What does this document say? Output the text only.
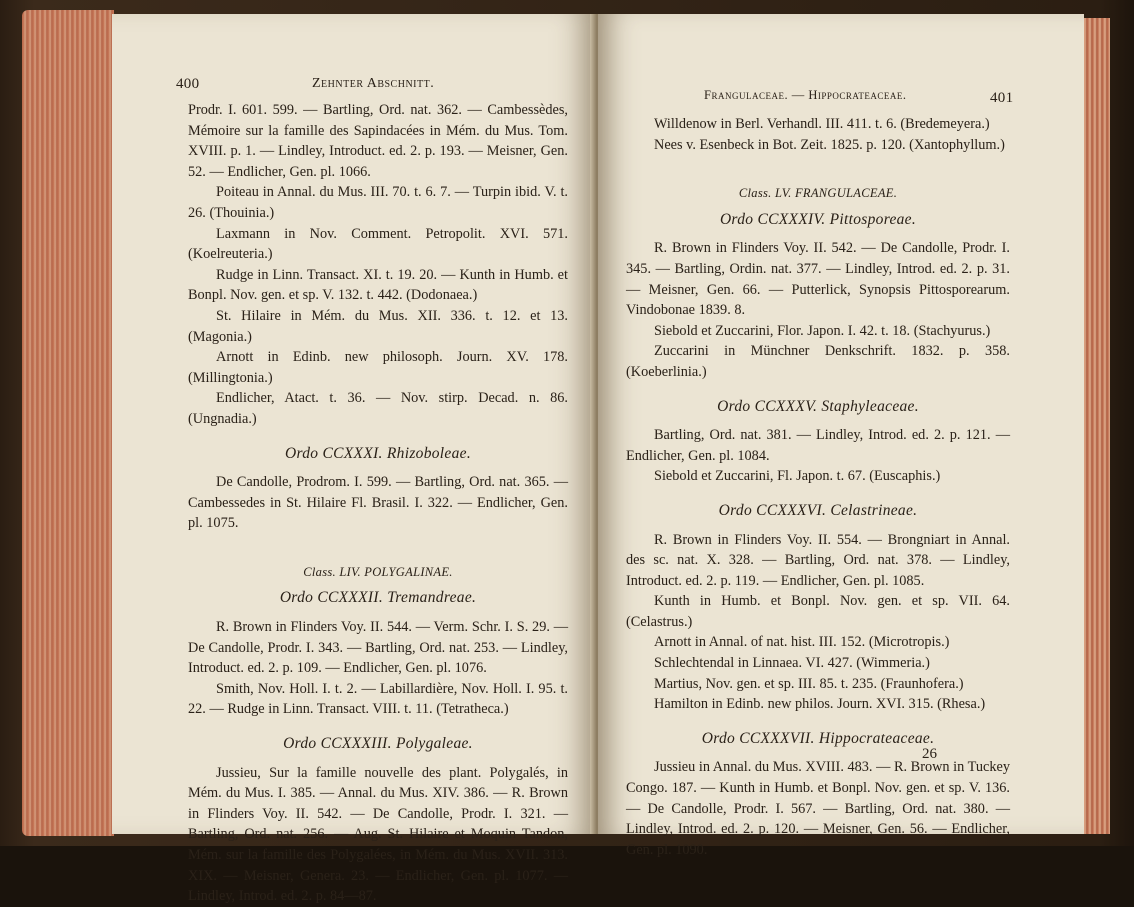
400	Zehnter Abschnitt.

Prodr. I. 601. 599. — Bartling, Ord. nat. 362. — Cambessèdes, Mémoire sur la famille des Sapindacées in Mém. du Mus. Tom. XVIII. p. 1. — Lindley, Introduct. ed. 2. p. 193. — Meisner, Gen. 52. — Endlicher, Gen. pl. 1066.

Poiteau in Annal. du Mus. III. 70. t. 6. 7. — Turpin ibid. V. t. 26. (Thouinia.)

Laxmann in Nov. Comment. Petropolit. XVI. 571. (Koelreuteria.)

Rudge in Linn. Transact. XI. t. 19. 20. — Kunth in Humb. et Bonpl. Nov. gen. et sp. V. 132. t. 442. (Dodonaea.)

St. Hilaire in Mém. du Mus. XII. 336. t. 12. et 13. (Magonia.)

Arnott in Edinb. new philosoph. Journ. XV. 178. (Millingtonia.)

Endlicher, Atact. t. 36. — Nov. stirp. Decad. n. 86. (Ungnadia.)

Ordo CCXXXI. Rhizoboleae.

De Candolle, Prodrom. I. 599. — Bartling, Ord. nat. 365. — Cambessedes in St. Hilaire Fl. Brasil. I. 322. — Endlicher, Gen. pl. 1075.

Class. LIV. POLYGALINAE.
Ordo CCXXXII. Tremandreae.

R. Brown in Flinders Voy. II. 544. — Verm. Schr. I. S. 29. — De Candolle, Prodr. I. 343. — Bartling, Ord. nat. 253. — Lindley, Introduct. ed. 2. p. 109. — Endlicher, Gen. pl. 1076.

Smith, Nov. Holl. I. t. 2. — Labillardière, Nov. Holl. I. 95. t. 22. — Rudge in Linn. Transact. VIII. t. 11. (Tetratheca.)

Ordo CCXXXIII. Polygaleae.

Jussieu, Sur la famille nouvelle des plant. Polygalés, in Mém. du Mus. I. 385. — Annal. du Mus. XIV. 386. — R. Brown in Flinders Voy. II. 542. — De Candolle, Prodr. I. 321. — Bartling, Ord. nat. 256. — Aug. St. Hilaire et Moquin Tandon, Mém. sur la famille des Polygalées, in Mém. du Mus. XVII. 313. XIX. — Meisner, Genera. 23. — Endlicher, Gen. pl. 1077. — Lindley, Introd. ed. 2. p. 84—87.

Frangulaceae. — Hippocrateaceae.	401

Willdenow in Berl. Verhandl. III. 411. t. 6. (Bredemeyera.)

Nees v. Esenbeck in Bot. Zeit. 1825. p. 120. (Xantophyllum.)

Class. LV. FRANGULACEAE.
Ordo CCXXXIV. Pittosporeae.

R. Brown in Flinders Voy. II. 542. — De Candolle, Prodr. I. 345. — Bartling, Ordin. nat. 377. — Lindley, Introd. ed. 2. p. 31. — Meisner, Gen. 66. — Putterlick, Synopsis Pittosporearum. Vindobonae 1839. 8.

Siebold et Zuccarini, Flor. Japon. I. 42. t. 18. (Stachyurus.)

Zuccarini in Münchner Denkschrift. 1832. p. 358. (Koeberlinia.)

Ordo CCXXXV. Staphyleaceae.

Bartling, Ord. nat. 381. — Lindley, Introd. ed. 2. p. 121. — Endlicher, Gen. pl. 1084.

Siebold et Zuccarini, Fl. Japon. t. 67. (Euscaphis.)

Ordo CCXXXVI. Celastrineae.

R. Brown in Flinders Voy. II. 554. — Brongniart in Annal. des sc. nat. X. 328. — Bartling, Ord. nat. 378. — Lindley, Introduct. ed. 2. p. 119. — Endlicher, Gen. pl. 1085.

Kunth in Humb. et Bonpl. Nov. gen. et sp. VII. 64. (Celastrus.)

Arnott in Annal. of nat. hist. III. 152. (Microtropis.)

Schlechtendal in Linnaea. VI. 427. (Wimmeria.)

Martius, Nov. gen. et sp. III. 85. t. 235. (Fraunhofera.)

Hamilton in Edinb. new philos. Journ. XVI. 315. (Rhesa.)

Ordo CCXXXVII. Hippocrateaceae.

Jussieu in Annal. du Mus. XVIII. 483. — R. Brown in Tuckey Congo. 187. — Kunth in Humb. et Bonpl. Nov. gen. et sp. V. 136. — De Candolle, Prodr. I. 567. — Bartling, Ord. nat. 380. — Lindley, Introd. ed. 2. p. 120. — Meisner, Gen. 56. — Endlicher, Gen. pl. 1090.

26
